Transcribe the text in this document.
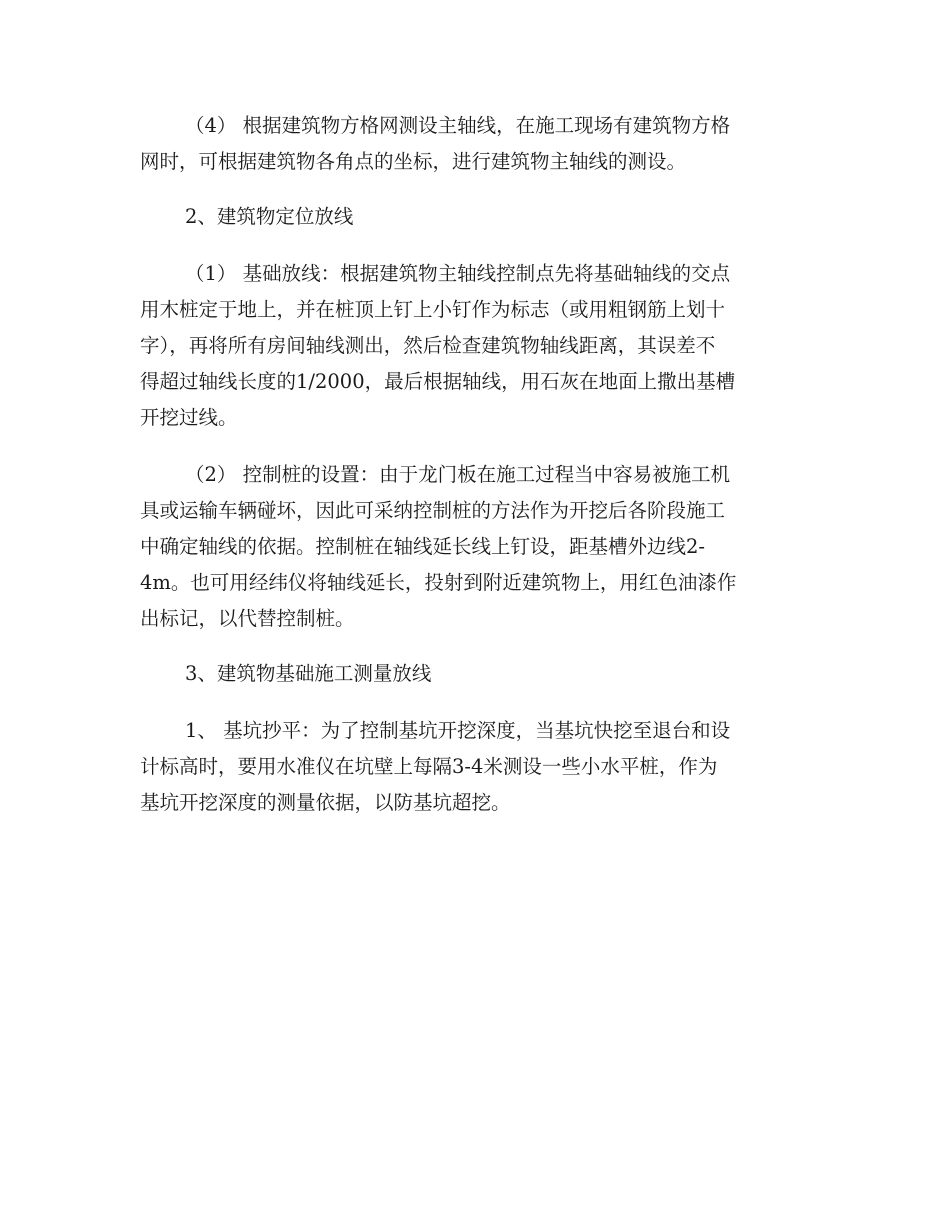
（4） 根据建筑物方格网测设主轴线，在施工现场有建筑物方格
网时，可根据建筑物各角点的坐标，进行建筑物主轴线的测设。

2、建筑物定位放线

（1） 基础放线：根据建筑物主轴线控制点先将基础轴线的交点
用木桩定于地上，并在桩顶上钉上小钉作为标志（或用粗钢筋上划十
字），再将所有房间轴线测出，然后检查建筑物轴线距离，其误差不
得超过轴线长度的1/2000，最后根据轴线，用石灰在地面上撒出基槽
开挖过线。

（2） 控制桩的设置：由于龙门板在施工过程当中容易被施工机
具或运输车辆碰坏，因此可采纳控制桩的方法作为开挖后各阶段施工
中确定轴线的依据。控制桩在轴线延长线上钉设，距基槽外边线2-
4m。也可用经纬仪将轴线延长，投射到附近建筑物上，用红色油漆作
出标记，以代替控制桩。

3、建筑物基础施工测量放线

1、 基坑抄平：为了控制基坑开挖深度，当基坑快挖至退台和设
计标高时，要用水准仪在坑壁上每隔3-4米测设一些小水平桩，作为
基坑开挖深度的测量依据，以防基坑超挖。
